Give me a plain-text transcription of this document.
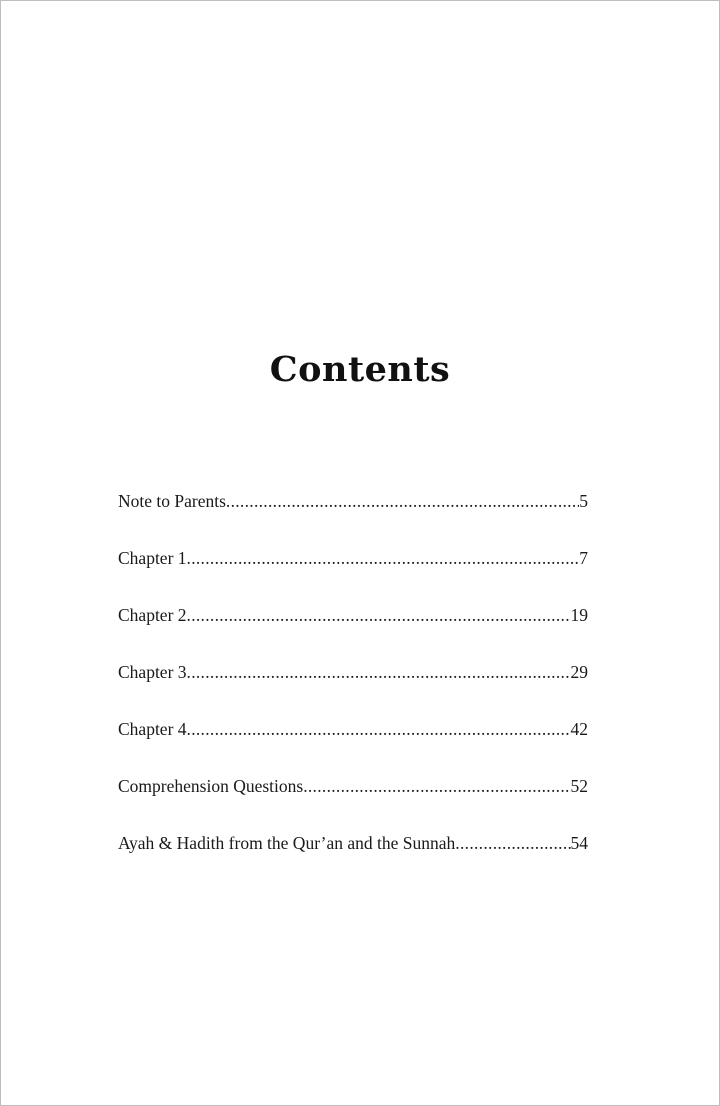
Contents
Note to Parents .....	5
Chapter 1 .....	7
Chapter 2 .....	19
Chapter 3 .....	29
Chapter 4 .....	42
Comprehension Questions .....	52
Ayah & Hadith from the Qur’an and the Sunnah .....	54
